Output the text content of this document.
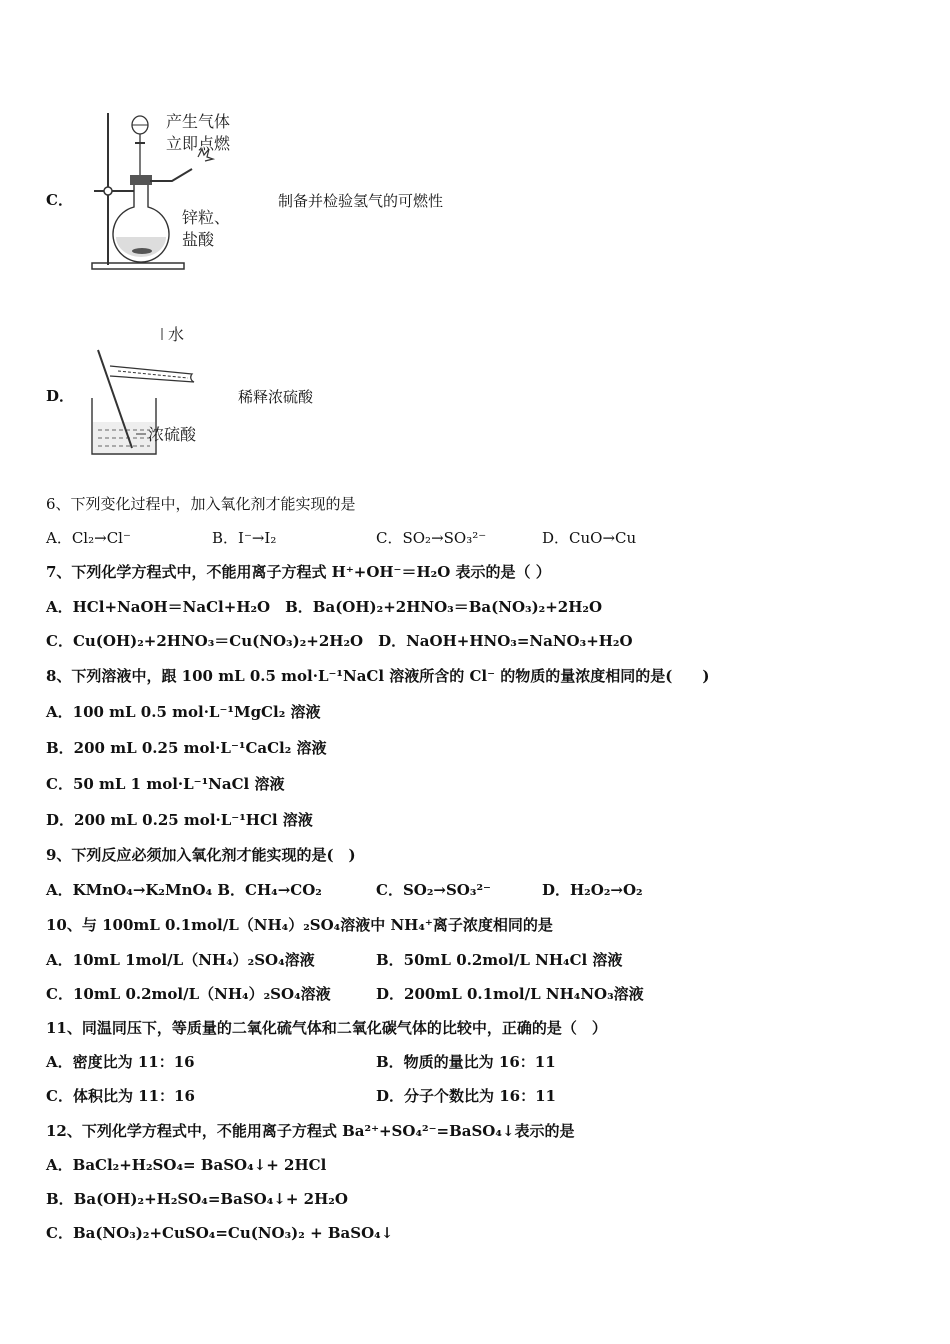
C．
产生气体
立即点燃
锌粒、
盐酸
制备并检验氢气的可燃性
D．
水
浓硫酸
稀释浓硫酸
6、下列变化过程中，加入氧化剂才能实现的是
A．Cl₂→Cl⁻	B．I⁻→I₂	C．SO₂→SO₃²⁻	D．CuO→Cu
7、下列化学方程式中，不能用离子方程式 H⁺+OH⁻＝H₂O 表示的是（ ）
A．HCl+NaOH＝NaCl+H₂O　B．Ba(OH)₂+2HNO₃＝Ba(NO₃)₂+2H₂O
C．Cu(OH)₂+2HNO₃＝Cu(NO₃)₂+2H₂O　D．NaOH+HNO₃=NaNO₃+H₂O
8、下列溶液中，跟 100 mL 0.5 mol·L⁻¹NaCl 溶液所含的 Cl⁻ 的物质的量浓度相同的是(　　)
A．100 mL 0.5 mol·L⁻¹MgCl₂ 溶液
B．200 mL 0.25 mol·L⁻¹CaCl₂ 溶液
C．50 mL 1 mol·L⁻¹NaCl 溶液
D．200 mL 0.25 mol·L⁻¹HCl 溶液
9、下列反应必须加入氧化剂才能实现的是(　)
A．KMnO₄→K₂MnO₄ B．CH₄→CO₂	C．SO₂→SO₃²⁻	D．H₂O₂→O₂
10、与 100mL 0.1mol/L（NH₄）₂SO₄溶液中 NH₄⁺离子浓度相同的是
A．10mL 1mol/L（NH₄）₂SO₄溶液	B．50mL 0.2mol/L NH₄Cl 溶液
C．10mL 0.2mol/L（NH₄）₂SO₄溶液	D．200mL 0.1mol/L NH₄NO₃溶液
11、同温同压下，等质量的二氧化硫气体和二氧化碳气体的比较中，正确的是（　）
A．密度比为 11：16	B．物质的量比为 16：11
C．体积比为 11：16	D．分子个数比为 16：11
12、下列化学方程式中，不能用离子方程式 Ba²⁺+SO₄²⁻=BaSO₄↓表示的是
A．BaCl₂+H₂SO₄= BaSO₄↓+ 2HCl
B．Ba(OH)₂+H₂SO₄=BaSO₄↓+ 2H₂O
C．Ba(NO₃)₂+CuSO₄=Cu(NO₃)₂ + BaSO₄↓
